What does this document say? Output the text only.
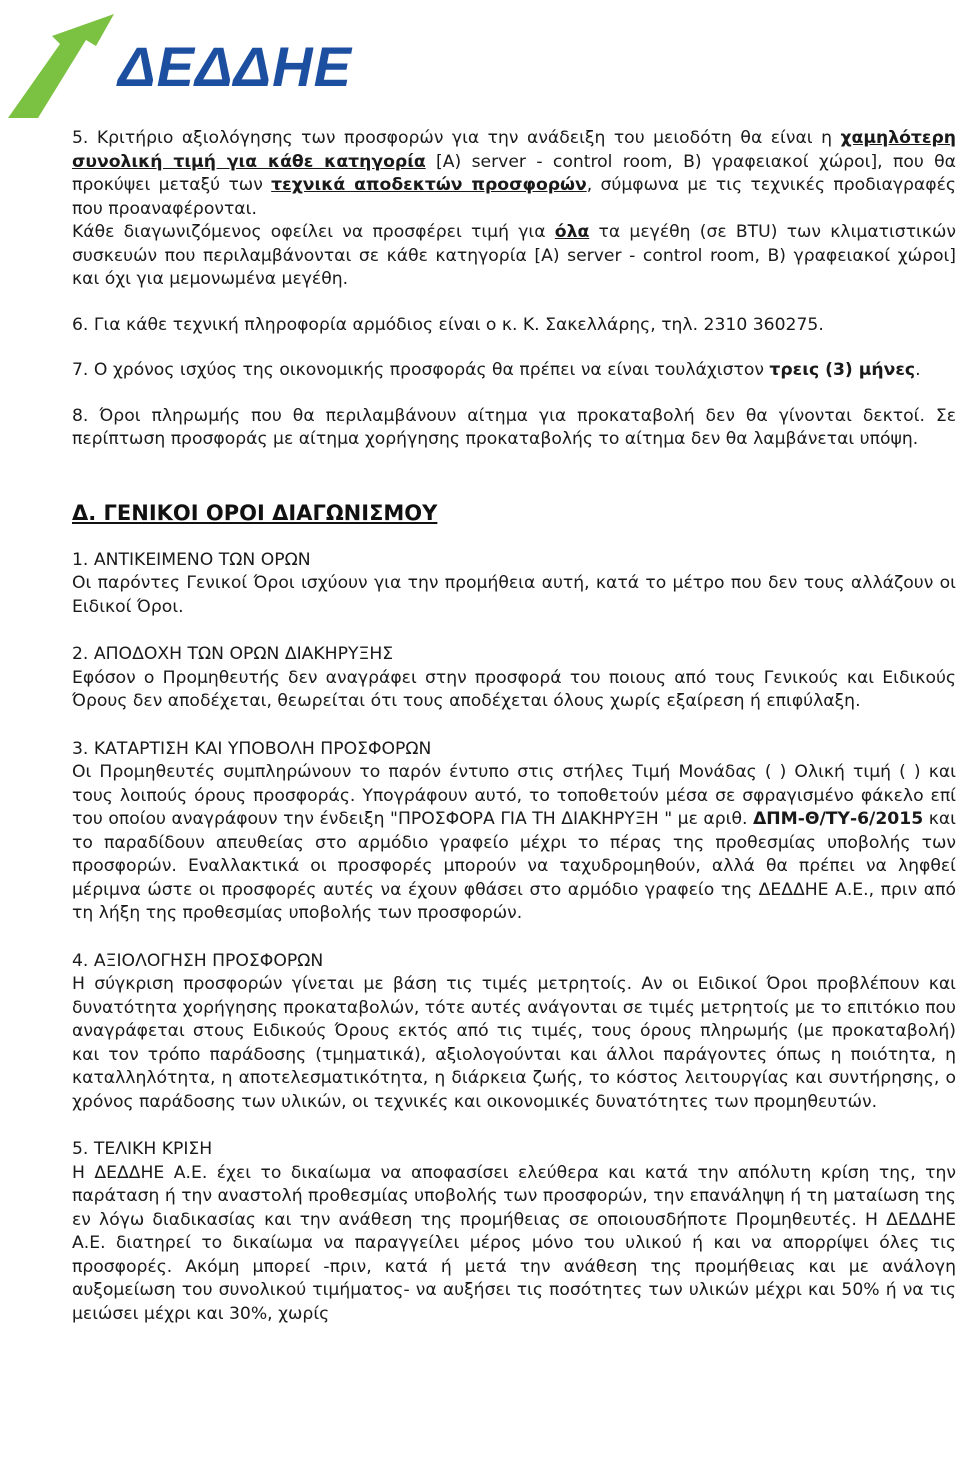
ΔΕΔΔΗΕ

5. Κριτήριο αξιολόγησης των προσφορών για την ανάδειξη του μειοδότη θα είναι η χαμηλότερη συνολική τιμή για κάθε κατηγορία [Α) server - control room, Β) γραφειακοί χώροι], που θα προκύψει μεταξύ των τεχνικά αποδεκτών προσφορών, σύμφωνα με τις τεχνικές προδιαγραφές που προαναφέρονται.

Κάθε διαγωνιζόμενος οφείλει να προσφέρει τιμή για όλα τα μεγέθη (σε BTU) των κλιματιστικών συσκευών που περιλαμβάνονται σε κάθε κατηγορία [Α) server - control room, Β) γραφειακοί χώροι] και όχι για μεμονωμένα μεγέθη.

6. Για κάθε τεχνική πληροφορία αρμόδιος είναι ο κ. Κ. Σακελλάρης, τηλ. 2310 360275.

7. Ο χρόνος ισχύος της οικονομικής προσφοράς θα πρέπει να είναι τουλάχιστον τρεις (3) μήνες.

8. Όροι πληρωμής που θα περιλαμβάνουν αίτημα για προκαταβολή δεν θα γίνονται δεκτοί. Σε περίπτωση προσφοράς με αίτημα χορήγησης προκαταβολής το αίτημα δεν θα λαμβάνεται υπόψη.

Δ. ΓΕΝΙΚΟΙ ΟΡΟΙ ΔΙΑΓΩΝΙΣΜΟΥ

1. ΑΝΤΙΚΕΙΜΕΝΟ ΤΩΝ ΟΡΩΝ

Οι παρόντες Γενικοί Όροι ισχύουν για την προμήθεια αυτή, κατά το μέτρο που δεν τους αλλάζουν οι Ειδικοί Όροι.

2. ΑΠΟΔΟΧΗ ΤΩΝ ΟΡΩΝ ΔΙΑΚΗΡΥΞΗΣ

Εφόσον ο Προμηθευτής δεν αναγράφει στην προσφορά του ποιους από τους Γενικούς και Ειδικούς Όρους δεν αποδέχεται, θεωρείται ότι τους αποδέχεται όλους χωρίς εξαίρεση ή επιφύλαξη.

3. ΚΑΤΑΡΤΙΣΗ ΚΑΙ ΥΠΟΒΟΛΗ ΠΡΟΣΦΟΡΩΝ

Οι Προμηθευτές συμπληρώνουν το παρόν έντυπο στις στήλες Τιμή Μονάδας ( ) Ολική τιμή ( ) και τους λοιπούς όρους προσφοράς. Υπογράφουν αυτό, το τοποθετούν μέσα σε σφραγισμένο φάκελο επί του οποίου αναγράφουν την ένδειξη "ΠΡΟΣΦΟΡΑ ΓΙΑ ΤΗ ΔΙΑΚΗΡΥΞΗ " με αριθ. ΔΠΜ-Θ/ΤΥ-6/2015 και το παραδίδουν απευθείας στο αρμόδιο γραφείο μέχρι το πέρας της προθεσμίας υποβολής των προσφορών. Εναλλακτικά οι προσφορές μπορούν να ταχυδρομηθούν, αλλά θα πρέπει να ληφθεί μέριμνα ώστε οι προσφορές αυτές να έχουν φθάσει στο αρμόδιο γραφείο της ΔΕΔΔΗΕ Α.Ε., πριν από τη λήξη της προθεσμίας υποβολής των προσφορών.

4. ΑΞΙΟΛΟΓΗΣΗ ΠΡΟΣΦΟΡΩΝ

Η σύγκριση προσφορών γίνεται με βάση τις τιμές μετρητοίς. Αν οι Ειδικοί Όροι προβλέπουν και δυνατότητα χορήγησης προκαταβολών, τότε αυτές ανάγονται σε τιμές μετρητοίς με το επιτόκιο που αναγράφεται στους Ειδικούς Όρους εκτός από τις τιμές, τους όρους πληρωμής (με προκαταβολή) και τον τρόπο παράδοσης (τμηματικά), αξιολογούνται και άλλοι παράγοντες όπως η ποιότητα, η καταλληλότητα, η αποτελεσματικότητα, η διάρκεια ζωής, το κόστος λειτουργίας και συντήρησης, ο χρόνος παράδοσης των υλικών, οι τεχνικές και οικονομικές δυνατότητες των προμηθευτών.

5. ΤΕΛΙΚΗ ΚΡΙΣΗ

Η ΔΕΔΔΗΕ Α.Ε. έχει το δικαίωμα να αποφασίσει ελεύθερα και κατά την απόλυτη κρίση της, την παράταση ή την αναστολή προθεσμίας υποβολής των προσφορών, την επανάληψη ή τη ματαίωση της εν λόγω διαδικασίας και την ανάθεση της προμήθειας σε οποιουσδήποτε Προμηθευτές. Η ΔΕΔΔΗΕ Α.Ε. διατηρεί το δικαίωμα να παραγγείλει μέρος μόνο του υλικού ή και να απορρίψει όλες τις προσφορές. Ακόμη μπορεί -πριν, κατά ή μετά την ανάθεση της προμήθειας και με ανάλογη αυξομείωση του συνολικού τιμήματος- να αυξήσει τις ποσότητες των υλικών μέχρι και 50% ή να τις μειώσει μέχρι και 30%, χωρίς
